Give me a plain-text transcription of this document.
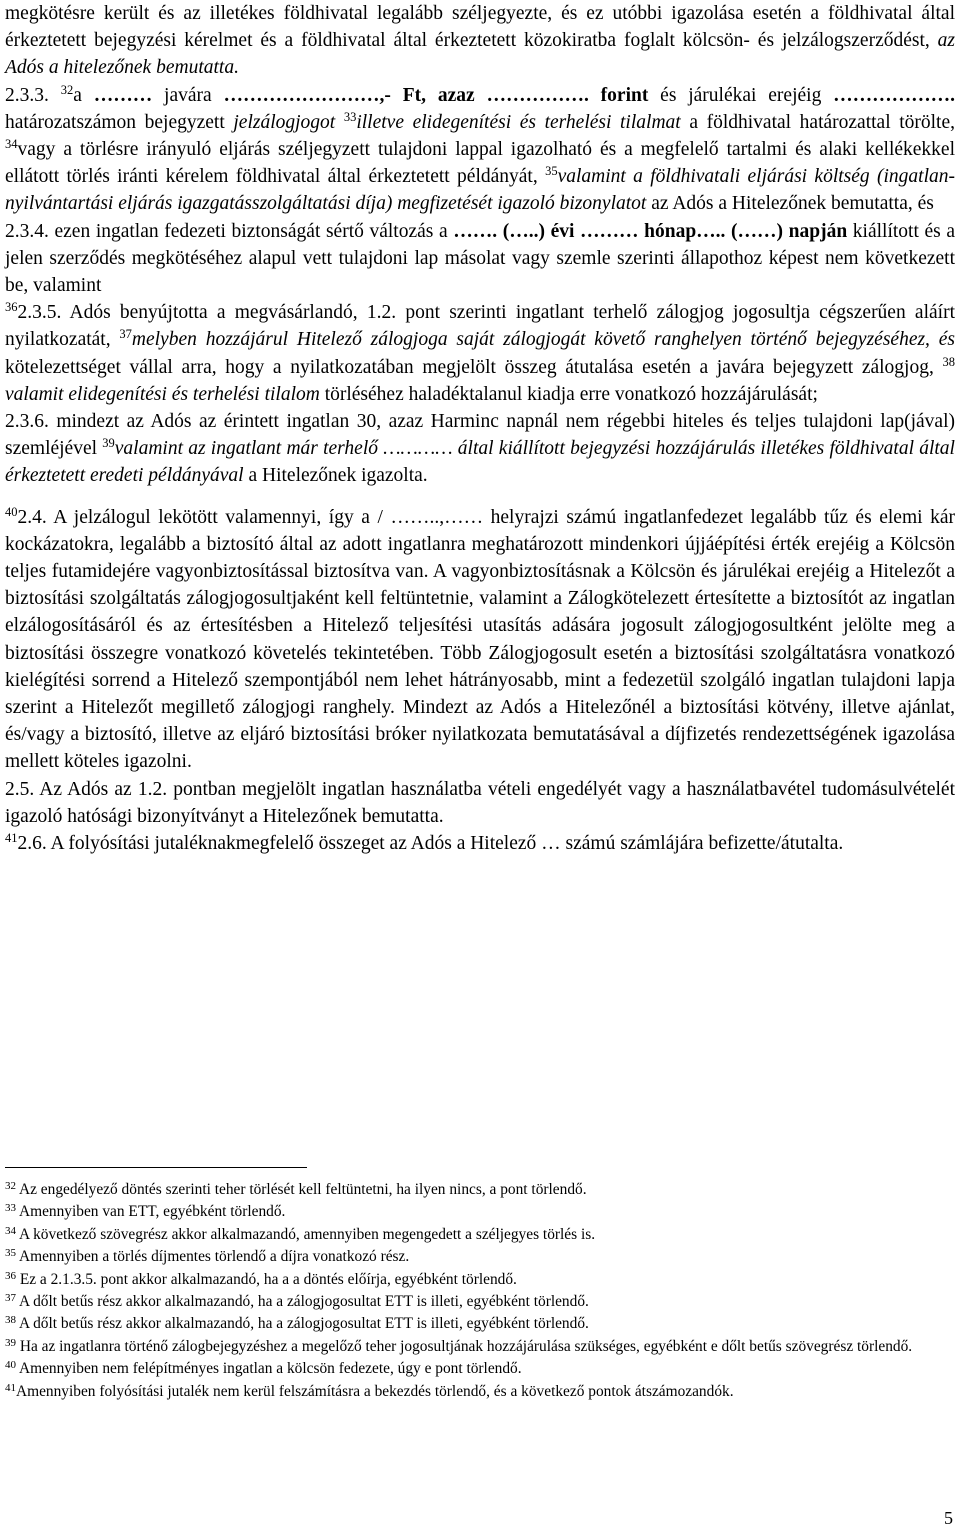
megkötésre került és az illetékes földhivatal legalább széljegyezte, és ez utóbbi igazolása esetén a földhivatal által érkeztetett bejegyzési kérelmet és a földhivatal által érkeztetett közokiratba foglalt kölcsön- és jelzálogszerződést, az Adós a hitelezőnek bemutatta.

2.3.3. $^{32}$a ……… javára ……………………,- Ft, azaz ……………. forint és járulékai erejéig ………………. határozatszámon bejegyzett jelzálogjogot $^{33}$illetve elidegenítési és terhelési tilalmat a földhivatal határozattal törölte, $^{34}$vagy a törlésre irányuló eljárás széljegyzett tulajdoni lappal igazolható és a megfelelő tartalmi és alaki kellékekkel ellátott törlés iránti kérelem földhivatal által érkeztetett példányát, $^{35}$valamint a földhivatali eljárási költség (ingatlan-nyilvántartási eljárás igazgatásszolgáltatási díja) megfizetését igazoló bizonylatot az Adós a Hitelezőnek bemutatta, és

2.3.4. ezen ingatlan fedezeti biztonságát sértő változás a ……. (…..) évi ……… hónap….. (……) napján kiállított és a jelen szerződés megkötéséhez alapul vett tulajdoni lap másolat vagy szemle szerinti állapothoz képest nem következett be, valamint

$^{36}$2.3.5. Adós benyújtotta a megvásárlandó, 1.2. pont szerinti ingatlant terhelő zálogjog jogosultja cégszerűen aláírt nyilatkozatát, $^{37}$melyben hozzájárul Hitelező zálogjoga saját zálogjogát követő ranghelyen történő bejegyzéséhez, és kötelezettséget vállal arra, hogy a nyilatkozatában megjelölt összeg átutalása esetén a javára bejegyzett zálogjog, $^{38}$ valamit elidegenítési és terhelési tilalom törléséhez haladéktalanul kiadja erre vonatkozó hozzájárulását;

2.3.6. mindezt az Adós az érintett ingatlan 30, azaz Harminc napnál nem régebbi hiteles és teljes tulajdoni lap(jával) szemléjével $^{39}$valamint az ingatlant már terhelő ………… által kiállított bejegyzési hozzájárulás illetékes földhivatal által érkeztetett eredeti példányával a Hitelezőnek igazolta.

$^{40}$2.4. A jelzálogul lekötött valamennyi, így a / ……..,…… helyrajzi számú ingatlanfedezet legalább tűz és elemi kár kockázatokra, legalább a biztosító által az adott ingatlanra meghatározott mindenkori újjáépítési érték erejéig a Kölcsön teljes futamidejére vagyonbiztosítással biztosítva van. A vagyonbiztosításnak a Kölcsön és járulékai erejéig a Hitelezőt a biztosítási szolgáltatás zálogjogosultjaként kell feltüntetnie, valamint a Zálogkötelezett értesítette a biztosítót az ingatlan elzálogosításáról és az értesítésben a Hitelező teljesítési utasítás adására jogosult zálogjogosultként jelölte meg a biztosítási összegre vonatkozó követelés tekintetében. Több Zálogjogosult esetén a biztosítási szolgáltatásra vonatkozó kielégítési sorrend a Hitelező szempontjából nem lehet hátrányosabb, mint a fedezetül szolgáló ingatlan tulajdoni lapja szerint a Hitelezőt megillető zálogjogi ranghely. Mindezt az Adós a Hitelezőnél a biztosítási kötvény, illetve ajánlat, és/vagy a biztosító, illetve az eljáró biztosítási bróker nyilatkozata bemutatásával a díjfizetés rendezettségének igazolása mellett köteles igazolni.

2.5. Az Adós az 1.2. pontban megjelölt ingatlan használatba vételi engedélyét vagy a használatbavétel tudomásulvételét igazoló hatósági bizonyítványt a Hitelezőnek bemutatta.

$^{41}$2.6. A folyósítási jutaléknakmegfelelő összeget az Adós a Hitelező … számú számlájára befizette/átutalta.

$^{32}$ Az engedélyező döntés szerinti teher törlését kell feltüntetni, ha ilyen nincs, a pont törlendő.

$^{33}$ Amennyiben van ETT, egyébként törlendő.

$^{34}$ A következő szövegrész akkor alkalmazandó, amennyiben megengedett a széljegyes törlés is.

$^{35}$ Amennyiben a törlés díjmentes törlendő a díjra vonatkozó rész.

$^{36}$ Ez a 2.1.3.5. pont akkor alkalmazandó, ha a a döntés előírja, egyébként törlendő.

$^{37}$ A dőlt betűs rész akkor alkalmazandó, ha a zálogjogosultat ETT is illeti, egyébként törlendő.

$^{38}$ A dőlt betűs rész akkor alkalmazandó, ha a zálogjogosultat ETT is illeti, egyébként törlendő.

$^{39}$ Ha az ingatlanra történő zálogbejegyzéshez a megelőző teher jogosultjának hozzájárulása szükséges, egyébként e dőlt betűs szövegrész törlendő.

$^{40}$ Amennyiben nem felépítményes ingatlan a kölcsön fedezete, úgy e pont törlendő.

$^{41}$Amennyiben folyósítási jutalék nem kerül felszámításra a bekezdés törlendő, és a következő pontok átszámozandók.

5
